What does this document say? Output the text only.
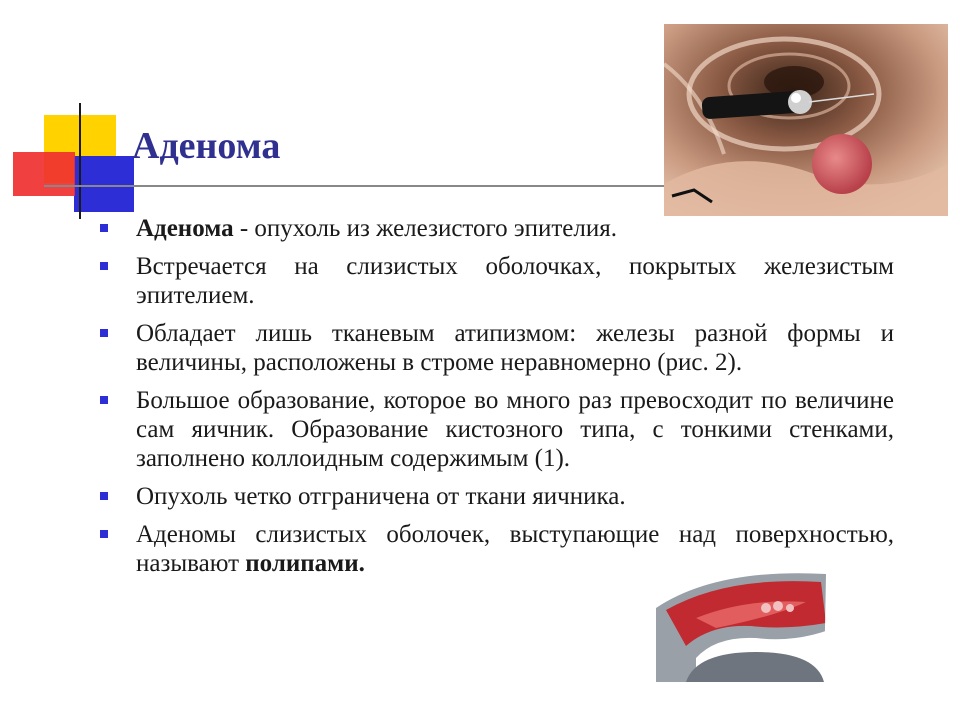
Аденома
Аденома - опухоль из железистого эпителия.
Встречается на слизистых оболочках, покрытых железистым эпителием.
Обладает лишь тканевым атипизмом: железы разной формы и величины, расположены в строме неравномерно (рис. 2).
Большое образование, которое во много раз превосходит по величине сам яичник. Образование кистозного типа, с тонкими стенками, заполнено коллоидным содержимым (1).
Опухоль четко отграничена от ткани яичника.
Аденомы слизистых оболочек, выступающие над поверхностью, называют полипами.
